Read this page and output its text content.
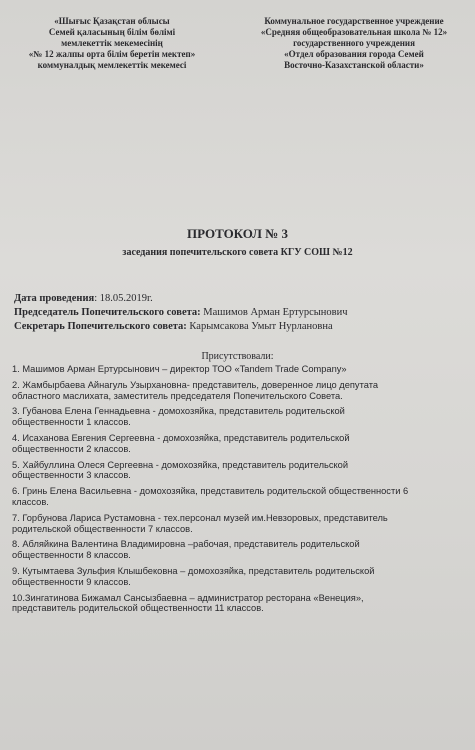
«Шығыс Қазақстан облысы
Семей қаласының білім бөлімі
мемлекеттік мекемесінің
«№ 12 жалпы орта білім беретін мектеп»
коммуналдық мемлекеттік мекемесі
Коммунальное государственное учреждение
«Средняя общеобразовательная школа № 12»
государственного учреждения
«Отдел образования города Семей
Восточно-Казахстанской области»
ПРОТОКОЛ № 3
заседания попечительского совета КГУ СОШ №12
Дата проведения: 18.05.2019г.
Председатель Попечительского совета: Машимов Арман Ертурсынович
Секретарь Попечительского совета: Карымсакова Умыт Нурлановна
Присутствовали:
1. Машимов Арман Ертурсынович – директор ТОО «Tandem Trade Company»
2. Жамбырбаева Айнагуль Узырхановна- представитель, доверенное лицо депутата
областного маслихата, заместитель председателя Попечительского Совета.
3. Губанова Елена Геннадьевна - домохозяйка, представитель родительской
общественности 1 классов.
4. Исаханова Евгения Сергеевна - домохозяйка, представитель родительской
общественности 2 классов.
5. Хайбуллина Олеся Сергеевна - домохозяйка, представитель родительской
общественности 3 классов.
6. Гринь Елена Васильевна - домохозяйка, представитель родительской общественности 6
классов.
7. Горбунова Лариса Рустамовна - тех.персонал музей им.Невзоровых, представитель
родительской общественности 7 классов.
8. Абляйкина Валентина Владимировна –рабочая, представитель родительской
общественности 8 классов.
9. Кутымтаева Зульфия Клышбековна – домохозяйка, представитель родительской
общественности 9 классов.
10.Зингатинова Бижамал Сансызбаевна – администратор ресторана «Венеция»,
представитель родительской общественности 11 классов.
